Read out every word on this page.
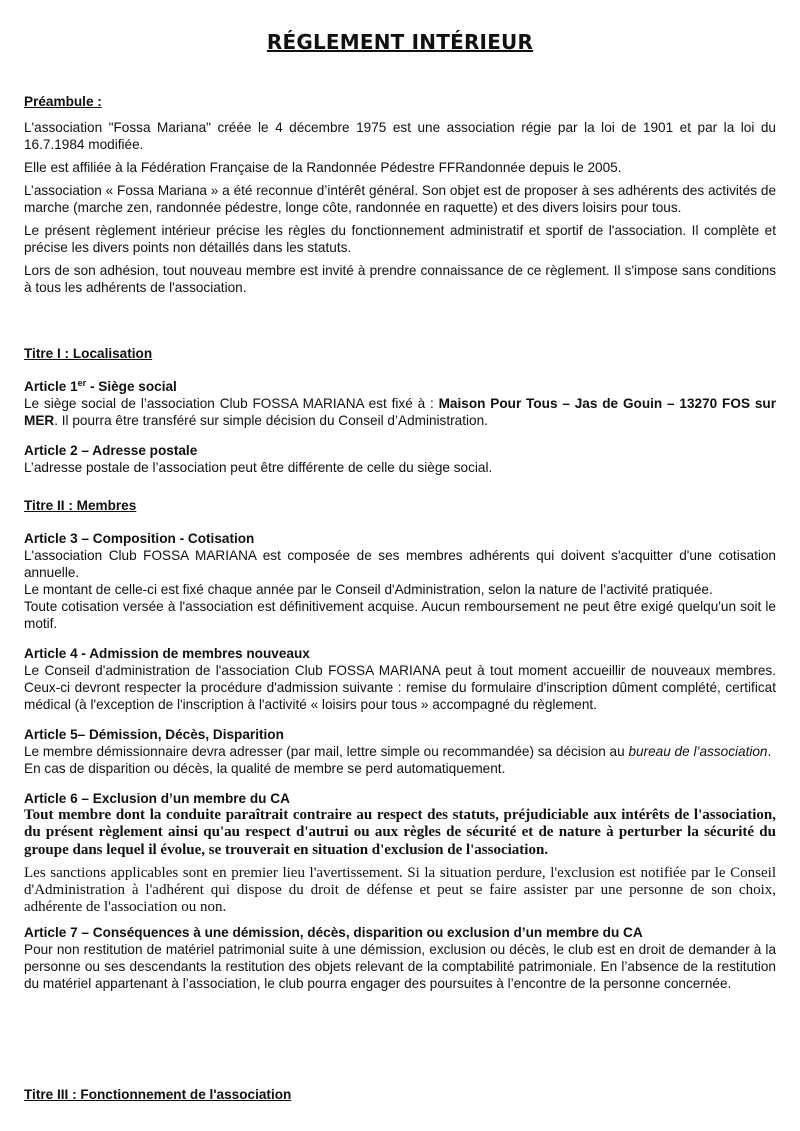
RÉGLEMENT INTÉRIEUR
Préambule :

L'association "Fossa Mariana" créée le 4 décembre 1975 est une association régie par la loi de 1901 et par la loi du 16.7.1984 modifiée.

Elle est affiliée à la Fédération Française de la Randonnée Pédestre FFRandonnée depuis le 2005.

L’association « Fossa Mariana » a été reconnue d’intérêt général. Son objet est de proposer à ses adhérents des activités de marche (marche zen, randonnée pédestre, longe côte, randonnée en raquette) et des divers loisirs pour tous.

Le présent règlement intérieur précise les règles du fonctionnement administratif et sportif de l'association. Il complète et précise les divers points non détaillés dans les statuts.

Lors de son adhésion, tout nouveau membre est invité à prendre connaissance de ce règlement. Il s'impose sans conditions à tous les adhérents de l'association.

Titre I : Localisation
Article 1er - Siège social

Le siège social de l’association Club FOSSA MARIANA est fixé à : Maison Pour Tous – Jas de Gouin – 13270 FOS sur MER. Il pourra être transféré sur simple décision du Conseil d’Administration.

Article 2 – Adresse postale

L’adresse postale de l’association peut être différente de celle du siège social.

Titre II : Membres
Article 3 – Composition - Cotisation

L'association Club FOSSA MARIANA est composée de ses membres adhérents qui doivent s'acquitter d'une cotisation annuelle.

Le montant de celle-ci est fixé chaque année par le Conseil d'Administration, selon la nature de l’activité pratiquée.

Toute cotisation versée à l'association est définitivement acquise. Aucun remboursement ne peut être exigé quelqu'un soit le motif.

Article 4 - Admission de membres nouveaux

Le Conseil d'administration de l'association Club FOSSA MARIANA peut à tout moment accueillir de nouveaux membres. Ceux-ci devront respecter la procédure d'admission suivante : remise du formulaire d'inscription dûment complété, certificat médical (à l'exception de l'inscription à l'activité « loisirs pour tous » accompagné du règlement.

Article 5– Démission, Décès, Disparition

Le membre démissionnaire devra adresser (par mail, lettre simple ou recommandée) sa décision au bureau de l’association.

En cas de disparition ou décès, la qualité de membre se perd automatiquement.

Article 6 – Exclusion d’un membre du CA

Tout membre dont la conduite paraîtrait contraire au respect des statuts, préjudiciable aux intérêts de l'association, du présent règlement ainsi qu'au respect d'autrui ou aux règles de sécurité et de nature à perturber la sécurité du groupe dans lequel il évolue, se trouverait en situation d'exclusion de l'association.

Les sanctions applicables sont en premier lieu l'avertissement. Si la situation perdure, l'exclusion est notifiée par le Conseil d'Administration à l'adhérent qui dispose du droit de défense et peut se faire assister par une personne de son choix, adhérente de l'association ou non.

Article 7 – Conséquences à une démission, décès, disparition ou exclusion d’un membre du CA

Pour non restitution de matériel patrimonial suite à une démission, exclusion ou décès, le club est en droit de demander à la personne ou ses descendants la restitution des objets relevant de la comptabilité patrimoniale. En l’absence de la restitution du matériel appartenant à l’association, le club pourra engager des poursuites à l’encontre de la personne concernée.

Titre III : Fonctionnement de l'association
